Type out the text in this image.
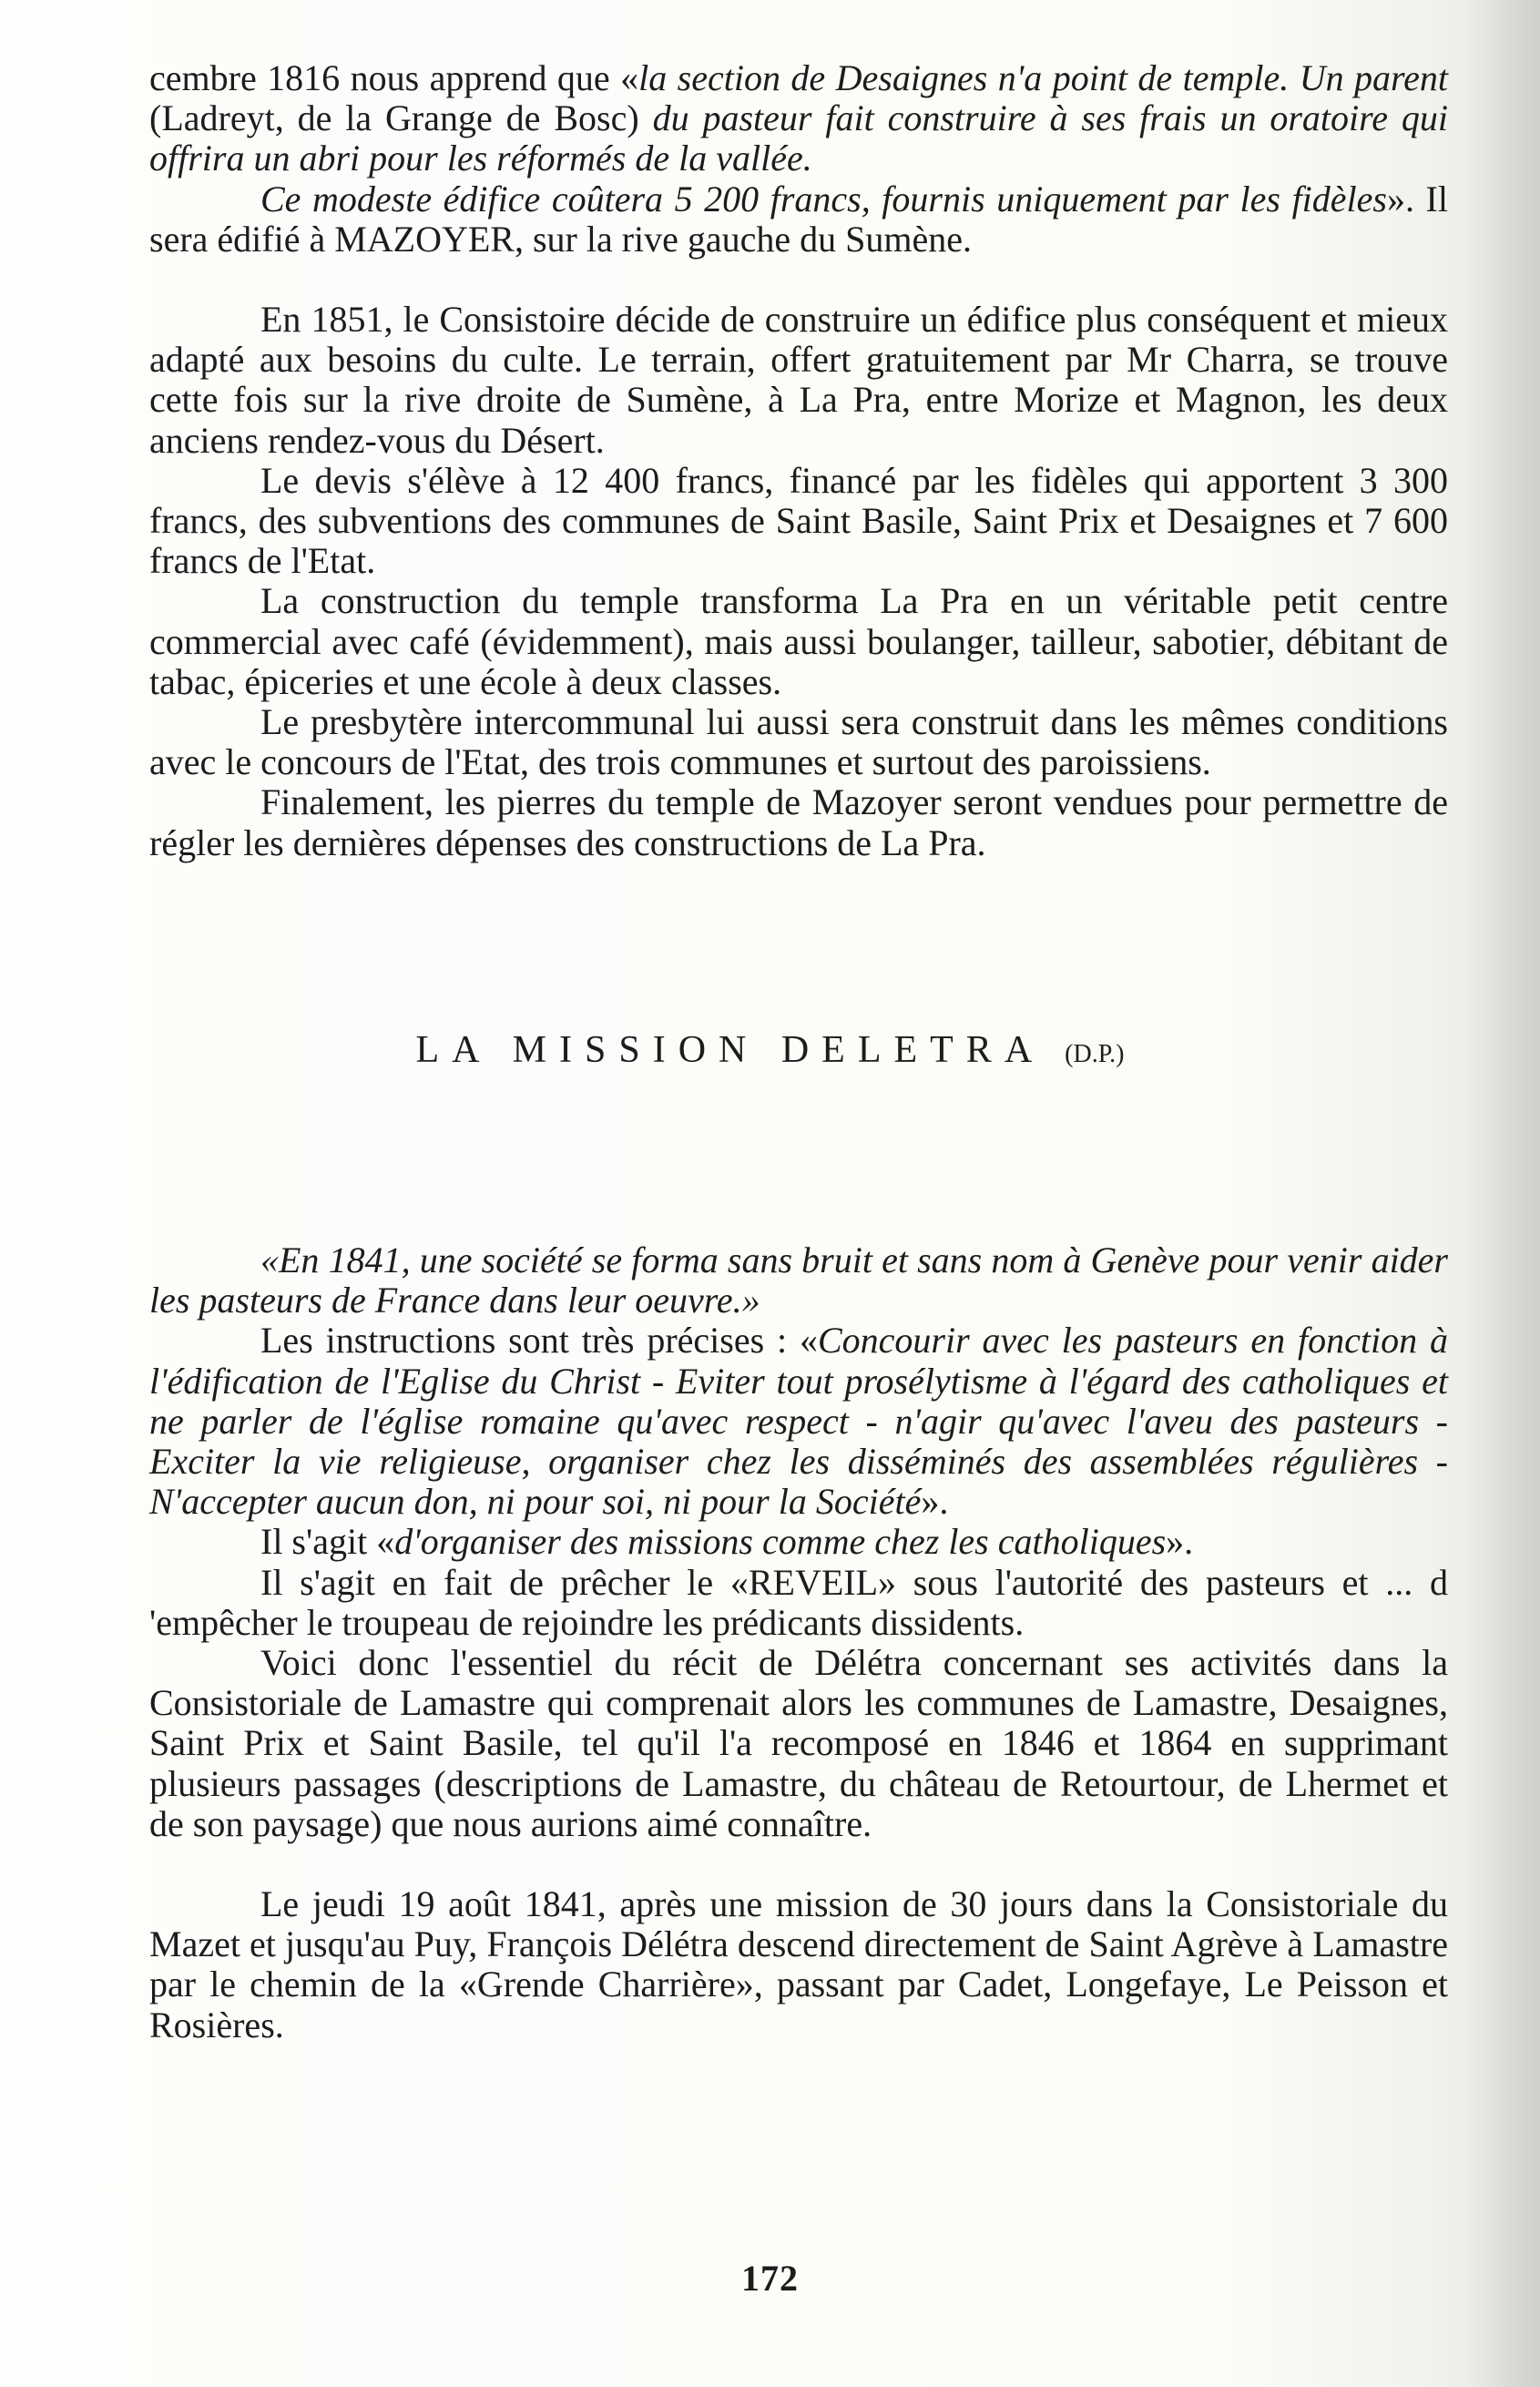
cembre 1816 nous apprend que «la section de Desaignes n'a point de temple. Un parent (Ladreyt, de la Grange de Bosc) du pasteur fait construire à ses frais un oratoire qui offrira un abri pour les réformés de la vallée.

Ce modeste édifice coûtera 5 200 francs, fournis uniquement par les fidèles». Il sera édifié à MAZOYER, sur la rive gauche du Sumène.

En 1851, le Consistoire décide de construire un édifice plus conséquent et mieux adapté aux besoins du culte. Le terrain, offert gratuitement par Mr Charra, se trouve cette fois sur la rive droite de Sumène, à La Pra, entre Morize et Magnon, les deux anciens rendez-vous du Désert.

Le devis s'élève à 12 400 francs, financé par les fidèles qui apportent 3 300 francs, des subventions des communes de Saint Basile, Saint Prix et Desaignes et 7 600 francs de l'Etat.

La construction du temple transforma La Pra en un véritable petit centre commercial avec café (évidemment), mais aussi boulanger, tailleur, sabotier, débitant de tabac, épiceries et une école à deux classes.

Le presbytère intercommunal lui aussi sera construit dans les mêmes conditions avec le concours de l'Etat, des trois communes et surtout des paroissiens.

Finalement, les pierres du temple de Mazoyer seront vendues pour permettre de régler les dernières dépenses des constructions de La Pra.

LA MISSION DELETRA (D.P.)

«En 1841, une société se forma sans bruit et sans nom à Genève pour venir aider les pasteurs de France dans leur oeuvre.»

Les instructions sont très précises : «Concourir avec les pasteurs en fonction à l'édification de l'Eglise du Christ - Eviter tout prosélytisme à l'égard des catholiques et ne parler de l'église romaine qu'avec respect - n'agir qu'avec l'aveu des pasteurs - Exciter la vie religieuse, organiser chez les disséminés des assemblées régulières - N'accepter aucun don, ni pour soi, ni pour la Société».

Il s'agit «d'organiser des missions comme chez les catholiques».

Il s'agit en fait de prêcher le «REVEIL» sous l'autorité des pasteurs et ... d 'empêcher le troupeau de rejoindre les prédicants dissidents.

Voici donc l'essentiel du récit de Délétra concernant ses activités dans la Consistoriale de Lamastre qui comprenait alors les communes de Lamastre, Desaignes, Saint Prix et Saint Basile, tel qu'il l'a recomposé en 1846 et 1864 en supprimant plusieurs passages (descriptions de Lamastre, du château de Retourtour, de Lhermet et de son paysage) que nous aurions aimé connaître.

Le jeudi 19 août 1841, après une mission de 30 jours dans la Consistoriale du Mazet et jusqu'au Puy, François Délétra descend directement de Saint Agrève à Lamastre par le chemin de la «Grende Charrière», passant par Cadet, Longefaye, Le Peisson et Rosières.

172
